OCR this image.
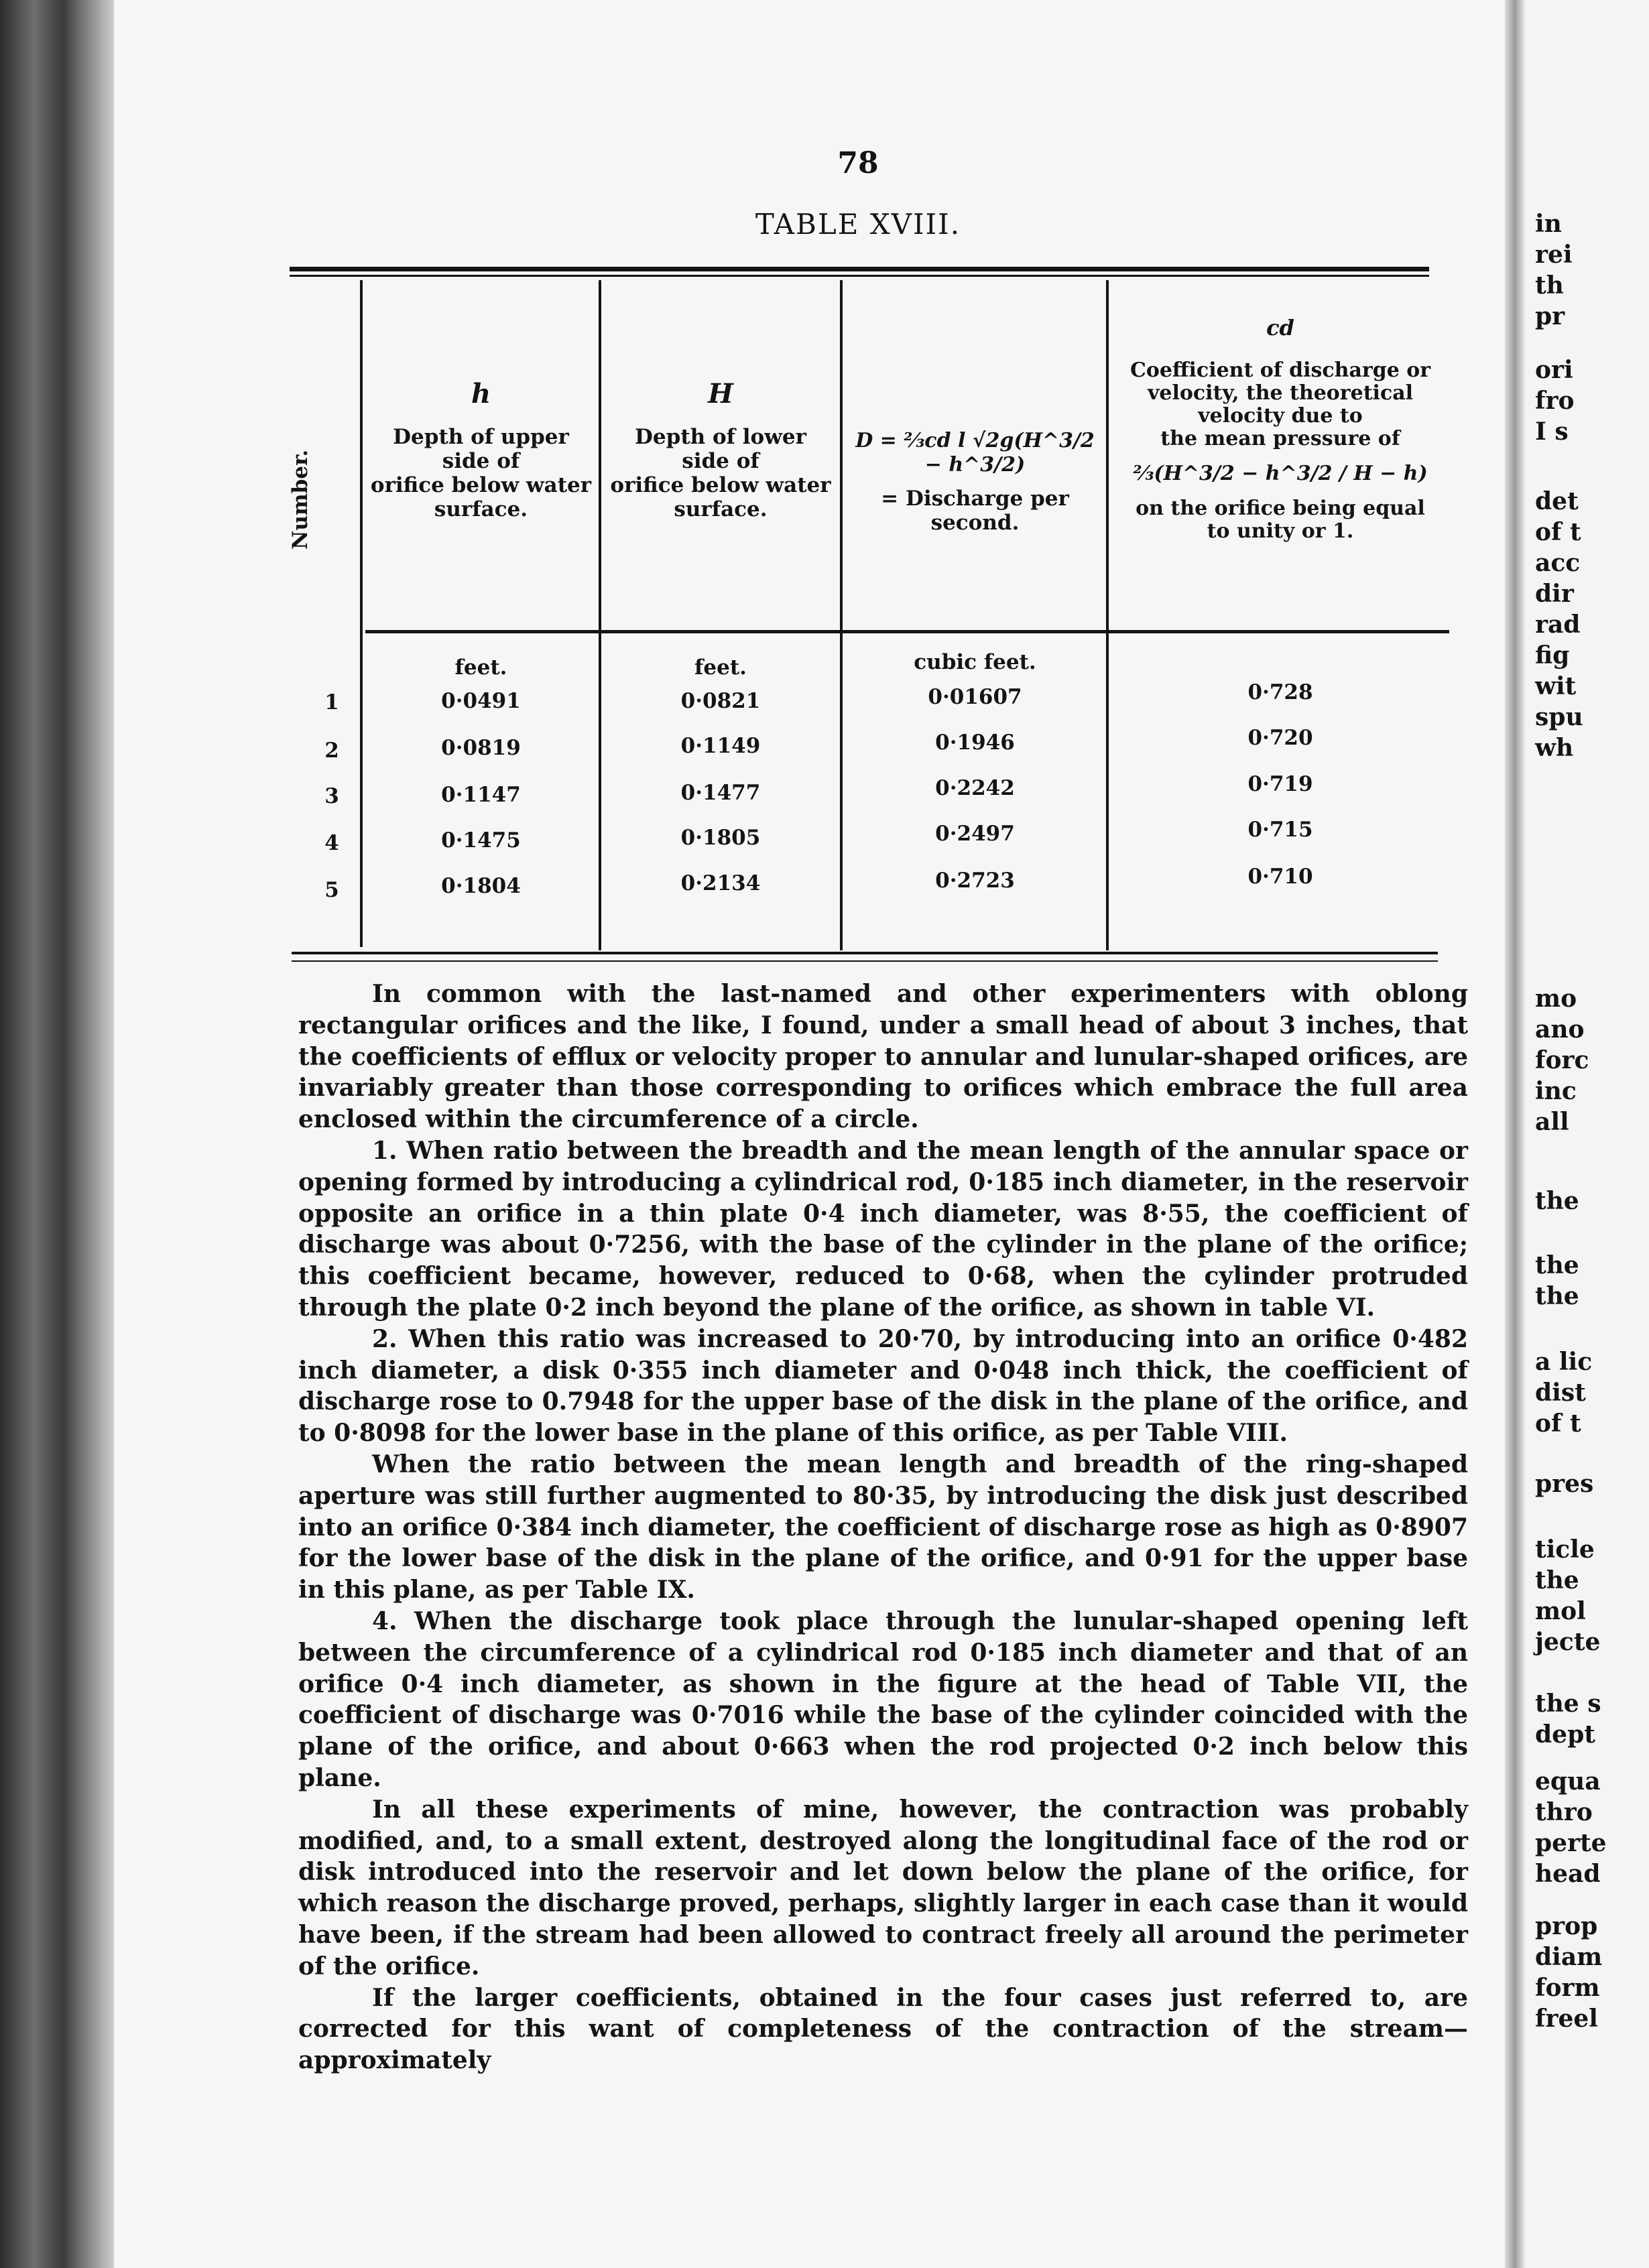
78
TABLE XVIII.
Number.
h
Depth of upper
side of
orifice below water
surface.
H
Depth of lower
side of
orifice below water
surface.
D = ⅔cd l √2g(H^3/2 − h^3/2)
= Discharge per
second.
cd
Coefficient of discharge or
velocity, the theoretical
velocity due to
the mean pressure of
⅔(H^3/2 − h^3/2 / H − h)
on the orifice being equal
to unity or 1.
feet.	feet.	cubic feet.
1	0·0491	0·0821	0·01607	0·728
2	0·0819	0·1149	0·1946	0·720
3	0·1147	0·1477	0·2242	0·719
4	0·1475	0·1805	0·2497	0·715
5	0·1804	0·2134	0·2723	0·710

In common with the last-named and other experimenters with oblong rectangular orifices and the like, I found, under a small head of about 3 inches, that the coefficients of efflux or velocity proper to annular and lunular-shaped orifices, are invariably greater than those corresponding to orifices which embrace the full area enclosed within the circumference of a circle.

1. When ratio between the breadth and the mean length of the annular space or opening formed by introducing a cylindrical rod, 0·185 inch diameter, in the reservoir opposite an orifice in a thin plate 0·4 inch diameter, was 8·55, the coefficient of discharge was about 0·7256, with the base of the cylinder in the plane of the orifice; this coefficient became, however, reduced to 0·68, when the cylinder protruded through the plate 0·2 inch beyond the plane of the orifice, as shown in table VI.

2. When this ratio was increased to 20·70, by introducing into an orifice 0·482 inch diameter, a disk 0·355 inch diameter and 0·048 inch thick, the coefficient of discharge rose to 0.7948 for the upper base of the disk in the plane of the orifice, and to 0·8098 for the lower base in the plane of this orifice, as per Table VIII.

When the ratio between the mean length and breadth of the ring-shaped aperture was still further augmented to 80·35, by introducing the disk just described into an orifice 0·384 inch diameter, the coefficient of discharge rose as high as 0·8907 for the lower base of the disk in the plane of the orifice, and 0·91 for the upper base in this plane, as per Table IX.

4. When the discharge took place through the lunular-shaped opening left between the circumference of a cylindrical rod 0·185 inch diameter and that of an orifice 0·4 inch diameter, as shown in the figure at the head of Table VII, the coefficient of discharge was 0·7016 while the base of the cylinder coincided with the plane of the orifice, and about 0·663 when the rod projected 0·2 inch below this plane.

In all these experiments of mine, however, the contraction was probably modified, and, to a small extent, destroyed along the longitudinal face of the rod or disk introduced into the reservoir and let down below the plane of the orifice, for which reason the discharge proved, perhaps, slightly larger in each case than it would have been, if the stream had been allowed to contract freely all around the perimeter of the orifice.

If the larger coefficients, obtained in the four cases just referred to, are corrected for this want of completeness of the contraction of the stream—approximately

in
rei
th
pr
ori
fro
I s
det
of t
acc
dir
rad
fig
wit
spu
wh
mo
ano
forc
inc
all
the
the
the
a lic
dist
of t
pres
ticle
the
mol
jecte
the s
dept
equa
thro
perte
head
prop
diam
form
freel
